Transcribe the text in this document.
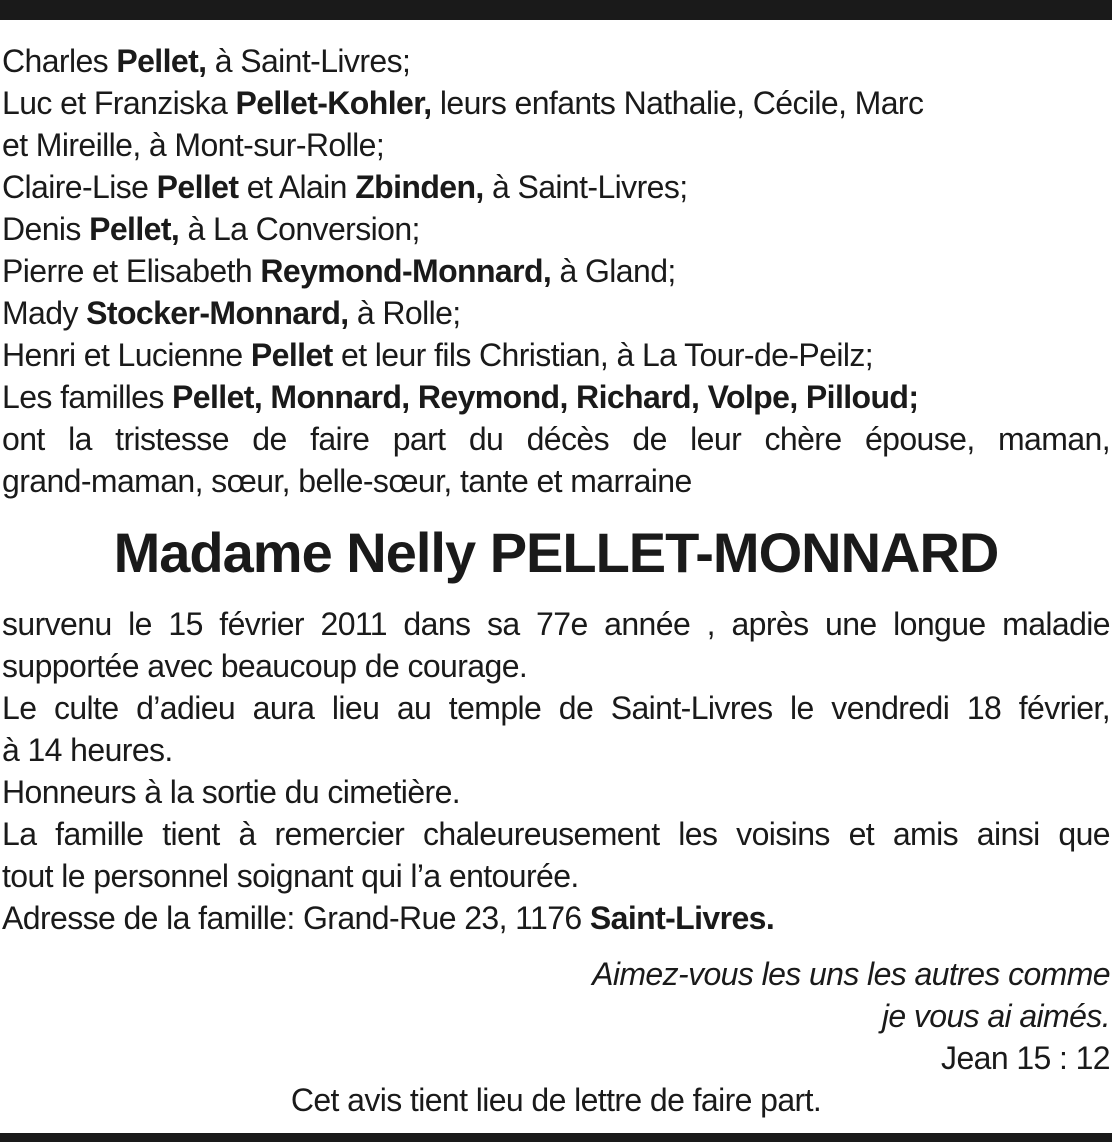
Charles Pellet, à Saint-Livres;
Luc et Franziska Pellet-Kohler, leurs enfants Nathalie, Cécile, Marc
et Mireille, à Mont-sur-Rolle;
Claire-Lise Pellet et Alain Zbinden, à Saint-Livres;
Denis Pellet, à La Conversion;
Pierre et Elisabeth Reymond-Monnard, à Gland;
Mady Stocker-Monnard, à Rolle;
Henri et Lucienne Pellet et leur fils Christian, à La Tour-de-Peilz;
Les familles Pellet, Monnard, Reymond, Richard, Volpe, Pilloud;
ont la tristesse de faire part du décès de leur chère épouse, maman,
grand-maman, sœur, belle-sœur, tante et marraine
Madame Nelly PELLET-MONNARD
survenu le 15 février 2011 dans sa 77e année , après une longue maladie
supportée avec beaucoup de courage.
Le culte d’adieu aura lieu au temple de Saint-Livres le vendredi 18 février,
à 14 heures.
Honneurs à la sortie du cimetière.
La famille tient à remercier chaleureusement les voisins et amis ainsi que
tout le personnel soignant qui l’a entourée.
Adresse de la famille: Grand-Rue 23, 1176 Saint-Livres.
Aimez-vous les uns les autres comme
je vous ai aimés.
Jean 15 : 12
Cet avis tient lieu de lettre de faire part.
